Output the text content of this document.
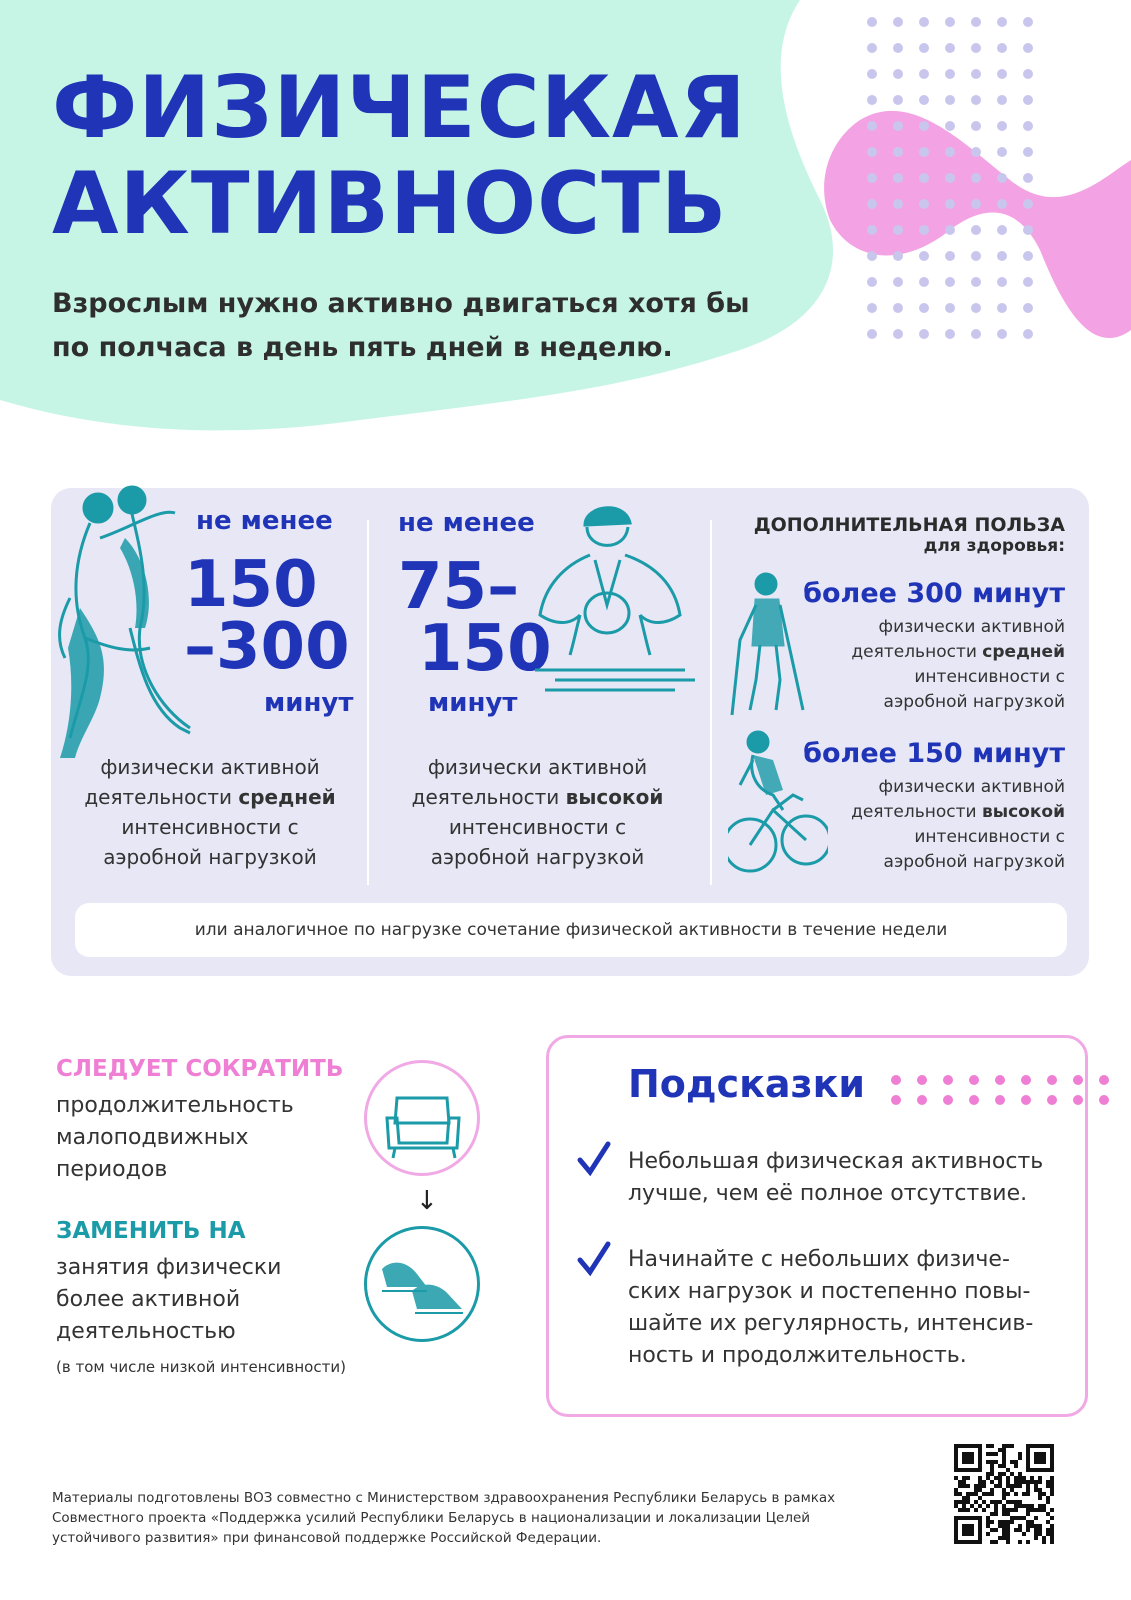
ФИЗИЧЕСКАЯ
АКТИВНОСТЬ
Взрослым нужно активно двигаться хотя бы
по полчаса в день пять дней в неделю.
не менее
150
–300
минут
физически активной
деятельности средней
интенсивности с
аэробной нагрузкой
не менее
75–
150
минут
физически активной
деятельности высокой
интенсивности с
аэробной нагрузкой
ДОПОЛНИТЕЛЬНАЯ ПОЛЬЗА
для здоровья:
более 300 минут
физически активной
деятельности средней
интенсивности с
аэробной нагрузкой
более 150 минут
физически активной
деятельности высокой
интенсивности с
аэробной нагрузкой
или аналогичное по нагрузке сочетание физической активности в течение недели
СЛЕДУЕТ СОКРАТИТЬ
продолжительность
малоподвижных
периодов
ЗАМЕНИТЬ НА
занятия физически
более активной
деятельностью
(в том числе низкой интенсивности)
↓
Подсказки
Небольшая физическая активность
лучше, чем её полное отсутствие.
Начинайте с небольших физиче-
ских нагрузок и постепенно повы-
шайте их регулярность, интенсив-
ность и продолжительность.
Материалы подготовлены ВОЗ совместно с Министерством здравоохранения Республики Беларусь в рамках
Совместного проекта «Поддержка усилий Республики Беларусь в национализации и локализации Целей
устойчивого развития» при финансовой поддержке Российской Федерации.
